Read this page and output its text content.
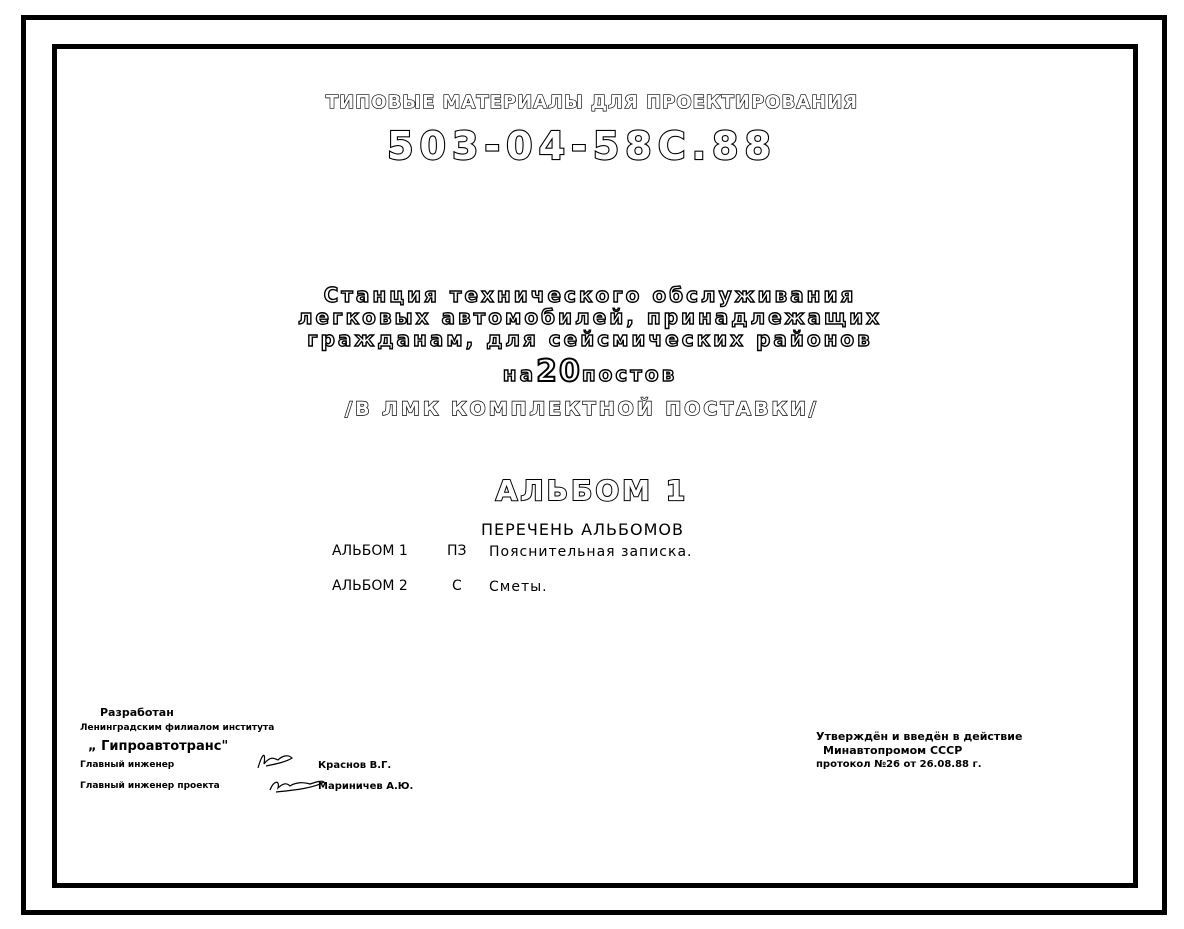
ТИПОВЫЕ МАТЕРИАЛЫ ДЛЯ ПРОЕКТИРОВАНИЯ
503-04-58С.88
Станция технического обслуживания
легковых автомобилей, принадлежащих
гражданам, для сейсмических районов
на20постов
/В ЛМК КОМПЛЕКТНОЙ ПОСТАВКИ/
АЛЬБОМ 1
ПЕРЕЧЕНЬ АЛЬБОМОВ
АЛЬБОМ 1	ПЗ Пояснительная записка.
АЛЬБОМ 2	С Сметы.
Разработан
Ленинградским филиалом института
„ Гипроавтотранс"
Главный инженер	Краснов В.Г.
Главный инженер проекта	Мариничев А.Ю.
Утверждён и введён в действие
Минавтопромом СССР
протокол №26 от 26.08.88 г.
